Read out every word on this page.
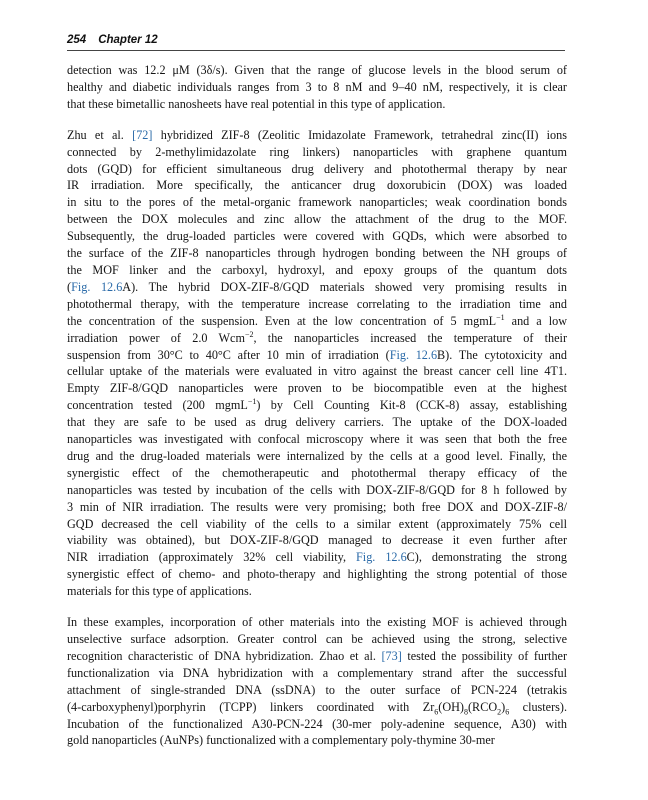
254 Chapter 12
detection was 12.2 μM (3δ/s). Given that the range of glucose levels in the blood serum of
healthy and diabetic individuals ranges from 3 to 8 nM and 9–40 nM, respectively, it is clear
that these bimetallic nanosheets have real potential in this type of application.
Zhu et al. [72] hybridized ZIF-8 (Zeolitic Imidazolate Framework, tetrahedral zinc(II) ions
connected by 2-methylimidazolate ring linkers) nanoparticles with graphene quantum
dots (GQD) for efficient simultaneous drug delivery and photothermal therapy by near
IR irradiation. More specifically, the anticancer drug doxorubicin (DOX) was loaded
in situ to the pores of the metal-organic framework nanoparticles; weak coordination bonds
between the DOX molecules and zinc allow the attachment of the drug to the MOF.
Subsequently, the drug-loaded particles were covered with GQDs, which were absorbed to
the surface of the ZIF-8 nanoparticles through hydrogen bonding between the NH groups of
the MOF linker and the carboxyl, hydroxyl, and epoxy groups of the quantum dots
(Fig. 12.6A). The hybrid DOX-ZIF-8/GQD materials showed very promising results in
photothermal therapy, with the temperature increase correlating to the irradiation time and
the concentration of the suspension. Even at the low concentration of 5 mgmL$^{-1}$ and a low
irradiation power of 2.0 Wcm$^{-2}$, the nanoparticles increased the temperature of their
suspension from 30°C to 40°C after 10 min of irradiation (Fig. 12.6B). The cytotoxicity and
cellular uptake of the materials were evaluated in vitro against the breast cancer cell line 4T1.
Empty ZIF-8/GQD nanoparticles were proven to be biocompatible even at the highest
concentration tested (200 mgmL$^{-1}$) by Cell Counting Kit-8 (CCK-8) assay, establishing
that they are safe to be used as drug delivery carriers. The uptake of the DOX-loaded
nanoparticles was investigated with confocal microscopy where it was seen that both the free
drug and the drug-loaded materials were internalized by the cells at a good level. Finally, the
synergistic effect of the chemotherapeutic and photothermal therapy efficacy of the
nanoparticles was tested by incubation of the cells with DOX-ZIF-8/GQD for 8 h followed by
3 min of NIR irradiation. The results were very promising; both free DOX and DOX-ZIF-8/
GQD decreased the cell viability of the cells to a similar extent (approximately 75% cell
viability was obtained), but DOX-ZIF-8/GQD managed to decrease it even further after
NIR irradiation (approximately 32% cell viability, Fig. 12.6C), demonstrating the strong
synergistic effect of chemo- and photo-therapy and highlighting the strong potential of those
materials for this type of applications.
In these examples, incorporation of other materials into the existing MOF is achieved through
unselective surface adsorption. Greater control can be achieved using the strong, selective
recognition characteristic of DNA hybridization. Zhao et al. [73] tested the possibility of further
functionalization via DNA hybridization with a complementary strand after the successful
attachment of single-stranded DNA (ssDNA) to the outer surface of PCN-224 (tetrakis
(4-carboxyphenyl)porphyrin (TCPP) linkers coordinated with $Zr_6(OH)_8(RCO_2)_6$ clusters).
Incubation of the functionalized A30-PCN-224 (30-mer poly-adenine sequence, A30) with
gold nanoparticles (AuNPs) functionalized with a complementary poly-thymine 30-mer
